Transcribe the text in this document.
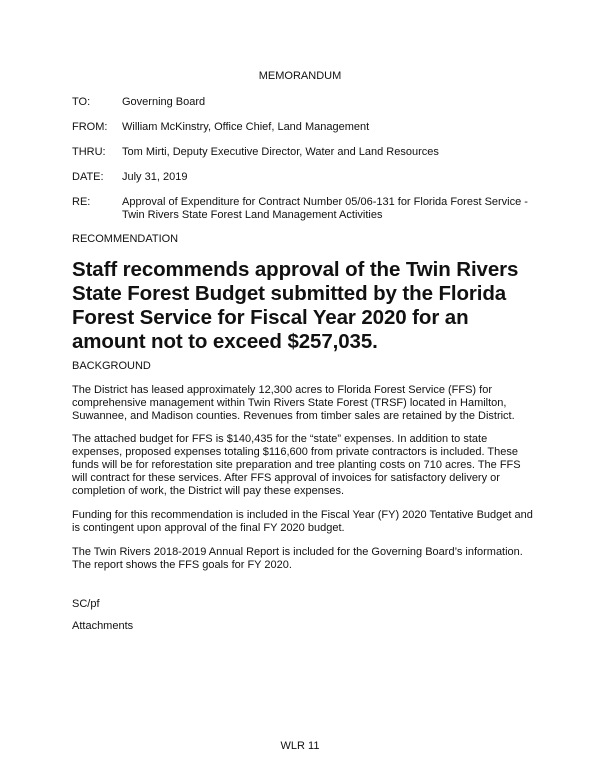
MEMORANDUM
TO:	Governing Board
FROM: William McKinstry, Office Chief, Land Management
THRU: Tom Mirti, Deputy Executive Director, Water and Land Resources
DATE: July 31, 2019
RE:	Approval of Expenditure for Contract Number 05/06-131 for Florida Forest Service - Twin Rivers State Forest Land Management Activities
RECOMMENDATION
Staff recommends approval of the Twin Rivers State Forest Budget submitted by the Florida Forest Service for Fiscal Year 2020 for an amount not to exceed $257,035.
BACKGROUND
The District has leased approximately 12,300 acres to Florida Forest Service (FFS) for comprehensive management within Twin Rivers State Forest (TRSF) located in Hamilton, Suwannee, and Madison counties. Revenues from timber sales are retained by the District.
The attached budget for FFS is $140,435 for the “state” expenses. In addition to state expenses, proposed expenses totaling $116,600 from private contractors is included. These funds will be for reforestation site preparation and tree planting costs on 710 acres. The FFS will contract for these services. After FFS approval of invoices for satisfactory delivery or completion of work, the District will pay these expenses.
Funding for this recommendation is included in the Fiscal Year (FY) 2020 Tentative Budget and is contingent upon approval of the final FY 2020 budget.
The Twin Rivers 2018-2019 Annual Report is included for the Governing Board’s information. The report shows the FFS goals for FY 2020.
SC/pf
Attachments
WLR 11
